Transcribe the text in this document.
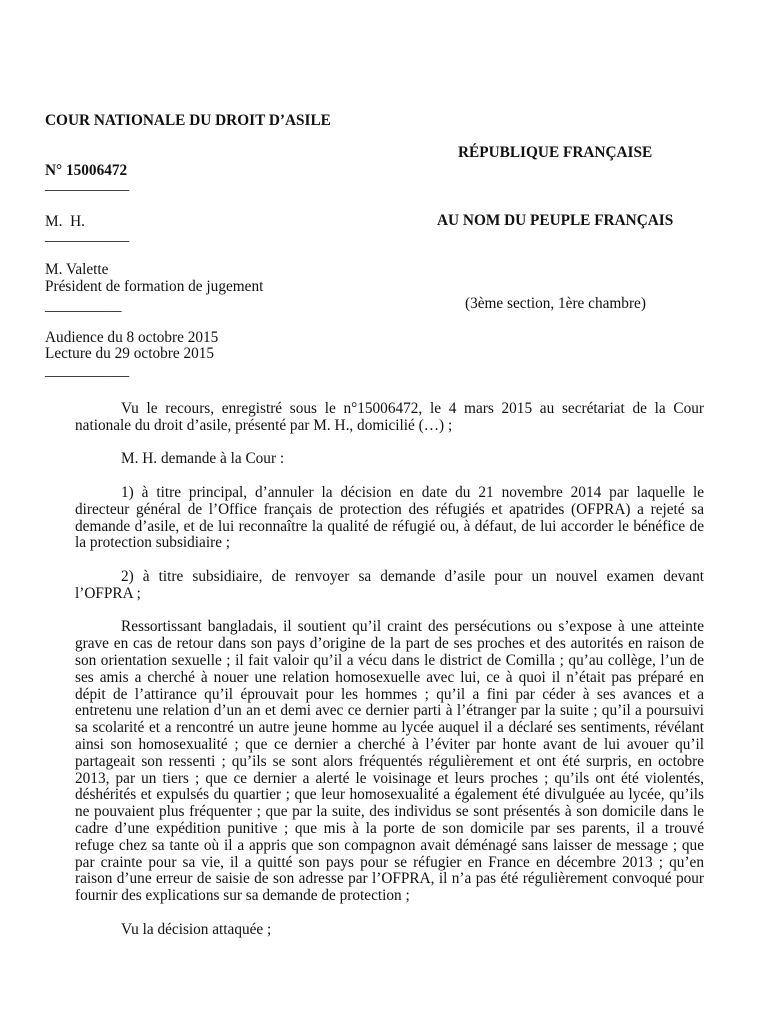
COUR NATIONALE DU DROIT D’ASILE
RÉPUBLIQUE FRANÇAISE
N° 15006472
___________
M.  H.	AU NOM DU PEUPLE FRANÇAIS
___________
M. Valette
Président de formation de jugement
(3ème section, 1ère chambre)
__________
Audience du 8 octobre 2015
Lecture du 29 octobre 2015
___________
Vu le recours, enregistré sous le n°15006472, le 4 mars 2015 au secrétariat de la Cour
nationale du droit d’asile, présenté par M. H., domicilié (…) ;
M. H. demande à la Cour :
1) à titre principal, d’annuler la décision en date du 21 novembre 2014 par laquelle le
directeur général de l’Office français de protection des réfugiés et apatrides (OFPRA) a rejeté sa
demande d’asile, et de lui reconnaître la qualité de réfugié ou, à défaut, de lui accorder le bénéfice de
la protection subsidiaire ;
2) à titre subsidiaire, de renvoyer sa demande d’asile pour un nouvel examen devant
l’OFPRA ;
Ressortissant bangladais, il soutient qu’il craint des persécutions ou s’expose à une atteinte
grave en cas de retour dans son pays d’origine de la part de ses proches et des autorités en raison de
son orientation sexuelle ; il fait valoir qu’il a vécu dans le district de Comilla ; qu’au collège, l’un de
ses amis a cherché à nouer une relation homosexuelle avec lui, ce à quoi il n’était pas préparé en
dépit de l’attirance qu’il éprouvait pour les hommes ; qu’il a fini par céder à ses avances et a
entretenu une relation d’un an et demi avec ce dernier parti à l’étranger par la suite ; qu’il a poursuivi
sa scolarité et a rencontré un autre jeune homme au lycée auquel il a déclaré ses sentiments, révélant
ainsi son homosexualité ; que ce dernier a cherché à l’éviter par honte avant de lui avouer qu’il
partageait son ressenti ; qu’ils se sont alors fréquentés régulièrement et ont été surpris, en octobre
2013, par un tiers ; que ce dernier a alerté le voisinage et leurs proches ; qu’ils ont été violentés,
déshérités et expulsés du quartier ; que leur homosexualité a également été divulguée au lycée, qu’ils
ne pouvaient plus fréquenter ; que par la suite, des individus se sont présentés à son domicile dans le
cadre d’une expédition punitive ; que mis à la porte de son domicile par ses parents, il a trouvé
refuge chez sa tante où il a appris que son compagnon avait déménagé sans laisser de message ; que
par crainte pour sa vie, il a quitté son pays pour se réfugier en France en décembre 2013 ; qu’en
raison d’une erreur de saisie de son adresse par l’OFPRA, il n’a pas été régulièrement convoqué pour
fournir des explications sur sa demande de protection ;
Vu la décision attaquée ;
